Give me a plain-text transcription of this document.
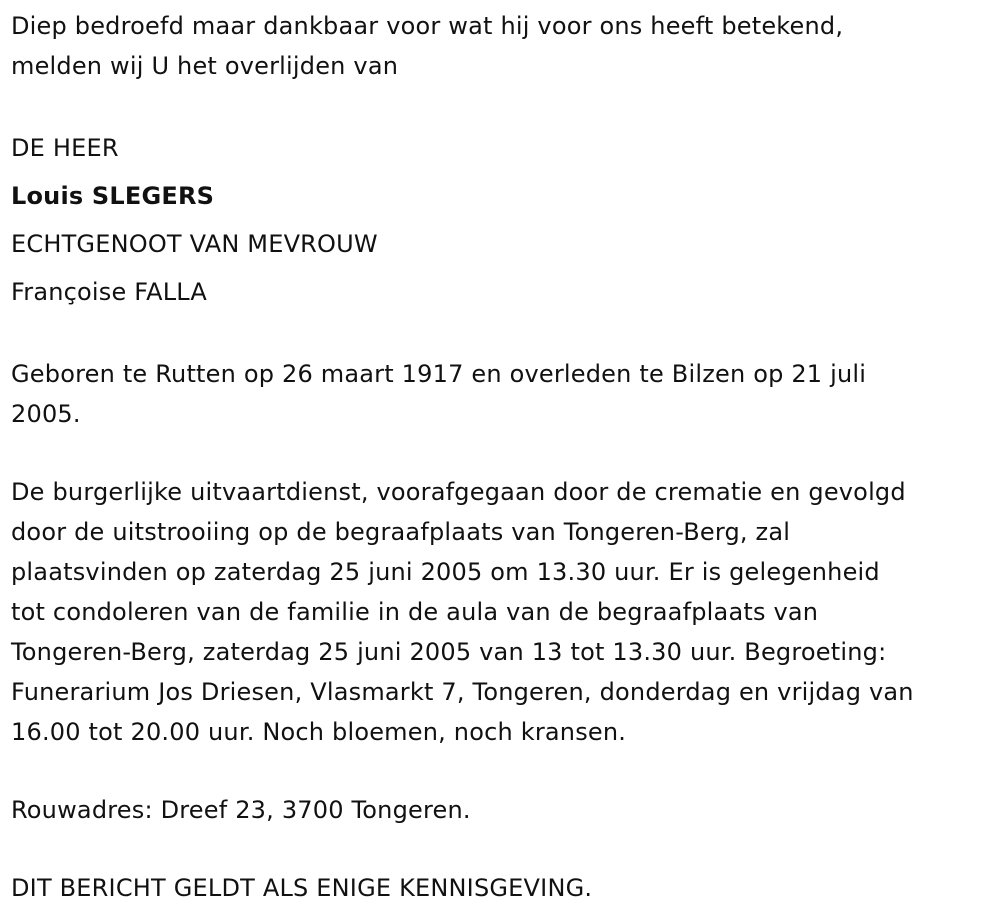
Diep bedroefd maar dankbaar voor wat hij voor ons heeft betekend,
melden wij U het overlijden van

DE HEER
Louis SLEGERS
ECHTGENOOT VAN MEVROUW
Françoise FALLA

Geboren te Rutten op 26 maart 1917 en overleden te Bilzen op 21 juli
2005.

De burgerlijke uitvaartdienst, voorafgegaan door de crematie en gevolgd
door de uitstrooiing op de begraafplaats van Tongeren-Berg, zal
plaatsvinden op zaterdag 25 juni 2005 om 13.30 uur. Er is gelegenheid
tot condoleren van de familie in de aula van de begraafplaats van
Tongeren-Berg, zaterdag 25 juni 2005 van 13 tot 13.30 uur. Begroeting:
Funerarium Jos Driesen, Vlasmarkt 7, Tongeren, donderdag en vrijdag van
16.00 tot 20.00 uur. Noch bloemen, noch kransen.

Rouwadres: Dreef 23, 3700 Tongeren.

DIT BERICHT GELDT ALS ENIGE KENNISGEVING.
